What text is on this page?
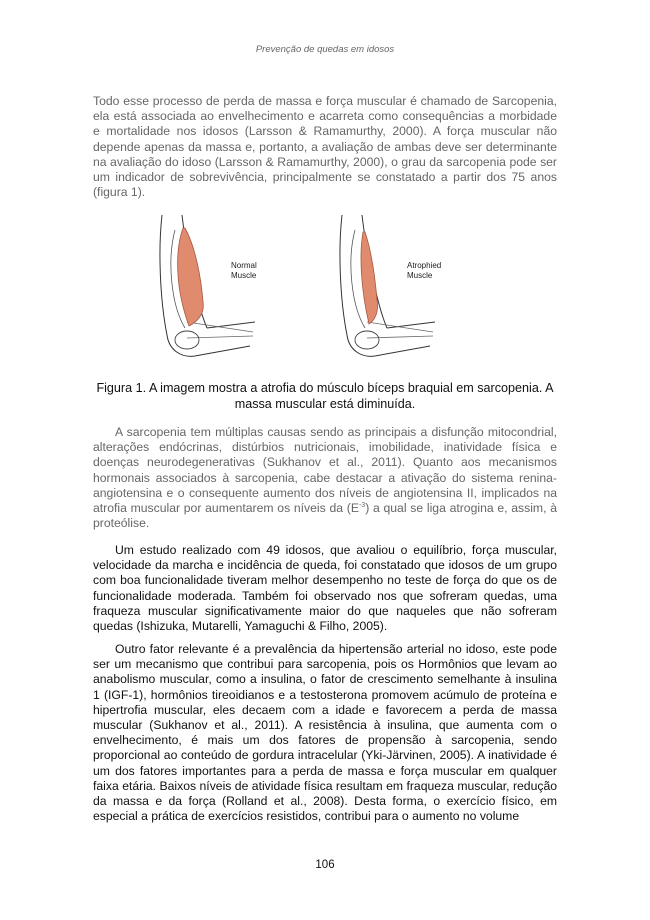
Prevenção de quedas em idosos

Todo esse processo de perda de massa e força muscular é chamado de Sarcopenia, ela está associada ao envelhecimento e acarreta como consequências a morbidade e mortalidade nos idosos (Larsson & Ramamurthy, 2000). A força muscular não depende apenas da massa e, portanto, a avaliação de ambas deve ser determinante na avaliação do idoso (Larsson & Ramamurthy, 2000), o grau da sarcopenia pode ser um indicador de sobrevivência, principalmente se constatado a partir dos 75 anos (figura 1).

Normal
Muscle
Atrophied
Muscle
Figura 1. A imagem mostra a atrofia do músculo bíceps braquial em sarcopenia. A massa muscular está diminuída.

A sarcopenia tem múltiplas causas sendo as principais a disfunção mitocondrial, alterações endócrinas, distúrbios nutricionais, imobilidade, inatividade física e doenças neurodegenerativas (Sukhanov et al., 2011). Quanto aos mecanismos hormonais associados à sarcopenia, cabe destacar a ativação do sistema renina-angiotensina e o consequente aumento dos níveis de angiotensina II, implicados na atrofia muscular por aumentarem os níveis da $(E^{-3})$ a qual se liga atrogina e, assim, à proteólise.

Um estudo realizado com 49 idosos, que avaliou o equilíbrio, força muscular, velocidade da marcha e incidência de queda, foi constatado que idosos de um grupo com boa funcionalidade tiveram melhor desempenho no teste de força do que os de funcionalidade moderada. Também foi observado nos que sofreram quedas, uma fraqueza muscular significativamente maior do que naqueles que não sofreram quedas (Ishizuka, Mutarelli, Yamaguchi & Filho, 2005).

Outro fator relevante é a prevalência da hipertensão arterial no idoso, este pode ser um mecanismo que contribui para sarcopenia, pois os Hormônios que levam ao anabolismo muscular, como a insulina, o fator de crescimento semelhante à insulina 1 (IGF-1), hormônios tireoidianos e a testosterona promovem acúmulo de proteína e hipertrofia muscular, eles decaem com a idade e favorecem a perda de massa muscular (Sukhanov et al., 2011). A resistência à insulina, que aumenta com o envelhecimento, é mais um dos fatores de propensão à sarcopenia, sendo proporcional ao conteúdo de gordura intracelular (Yki-Järvinen, 2005). A inatividade é um dos fatores importantes para a perda de massa e força muscular em qualquer faixa etária. Baixos níveis de atividade física resultam em fraqueza muscular, redução da massa e da força (Rolland et al., 2008). Desta forma, o exercício físico, em especial a prática de exercícios resistidos, contribui para o aumento no volume

106
